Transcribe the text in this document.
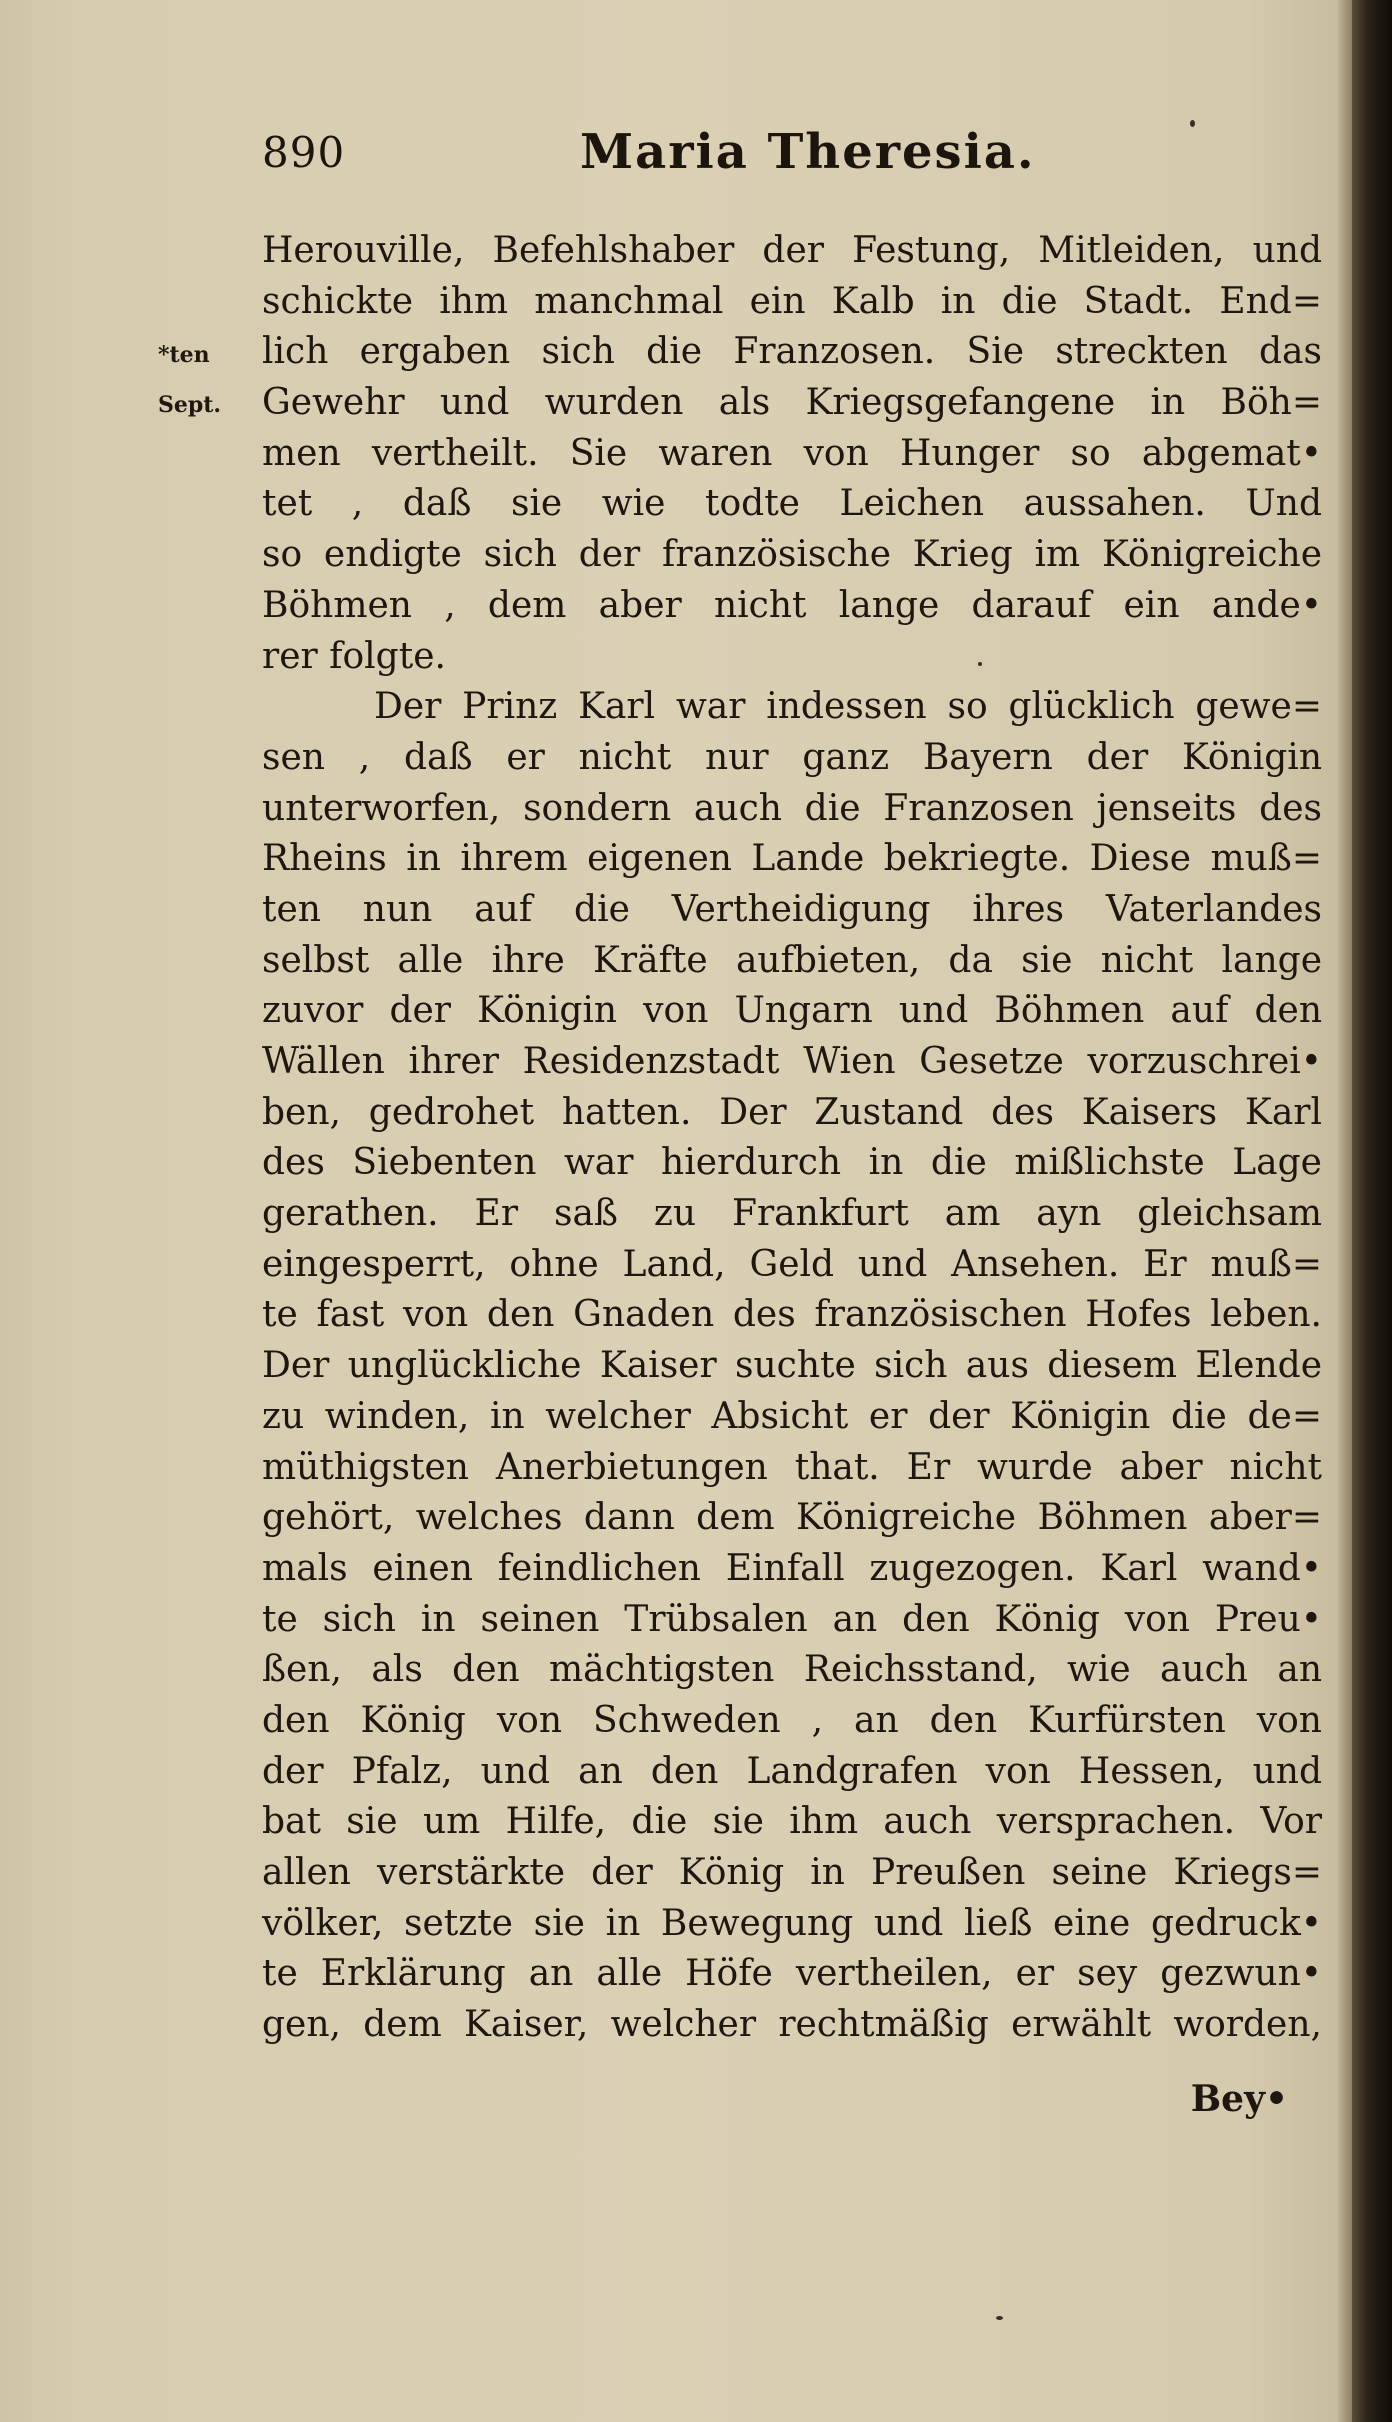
890	Maria Theresia.
*ten
Sept.
Herouville, Befehlshaber der Festung, Mitleiden, und
schickte ihm manchmal ein Kalb in die Stadt. End=
lich ergaben sich die Franzosen. Sie streckten das
Gewehr und wurden als Kriegsgefangene in Böh=
men vertheilt. Sie waren von Hunger so abgemat•
tet , daß sie wie todte Leichen aussahen. Und
so endigte sich der französische Krieg im Königreiche
Böhmen , dem aber nicht lange darauf ein ande•
rer folgte.
Der Prinz Karl war indessen so glücklich gewe=
sen , daß er nicht nur ganz Bayern der Königin
unterworfen, sondern auch die Franzosen jenseits des
Rheins in ihrem eigenen Lande bekriegte. Diese muß=
ten nun auf die Vertheidigung ihres Vaterlandes
selbst alle ihre Kräfte aufbieten, da sie nicht lange
zuvor der Königin von Ungarn und Böhmen auf den
Wällen ihrer Residenzstadt Wien Gesetze vorzuschrei•
ben, gedrohet hatten. Der Zustand des Kaisers Karl
des Siebenten war hierdurch in die mißlichste Lage
gerathen. Er saß zu Frankfurt am ayn gleichsam
eingesperrt, ohne Land, Geld und Ansehen. Er muß=
te fast von den Gnaden des französischen Hofes leben.
Der unglückliche Kaiser suchte sich aus diesem Elende
zu winden, in welcher Absicht er der Königin die de=
müthigsten Anerbietungen that. Er wurde aber nicht
gehört, welches dann dem Königreiche Böhmen aber=
mals einen feindlichen Einfall zugezogen. Karl wand•
te sich in seinen Trübsalen an den König von Preu•
ßen, als den mächtigsten Reichsstand, wie auch an
den König von Schweden , an den Kurfürsten von
der Pfalz, und an den Landgrafen von Hessen, und
bat sie um Hilfe, die sie ihm auch versprachen. Vor
allen verstärkte der König in Preußen seine Kriegs=
völker, setzte sie in Bewegung und ließ eine gedruck•
te Erklärung an alle Höfe vertheilen, er sey gezwun•
gen, dem Kaiser, welcher rechtmäßig erwählt worden,
Bey•
